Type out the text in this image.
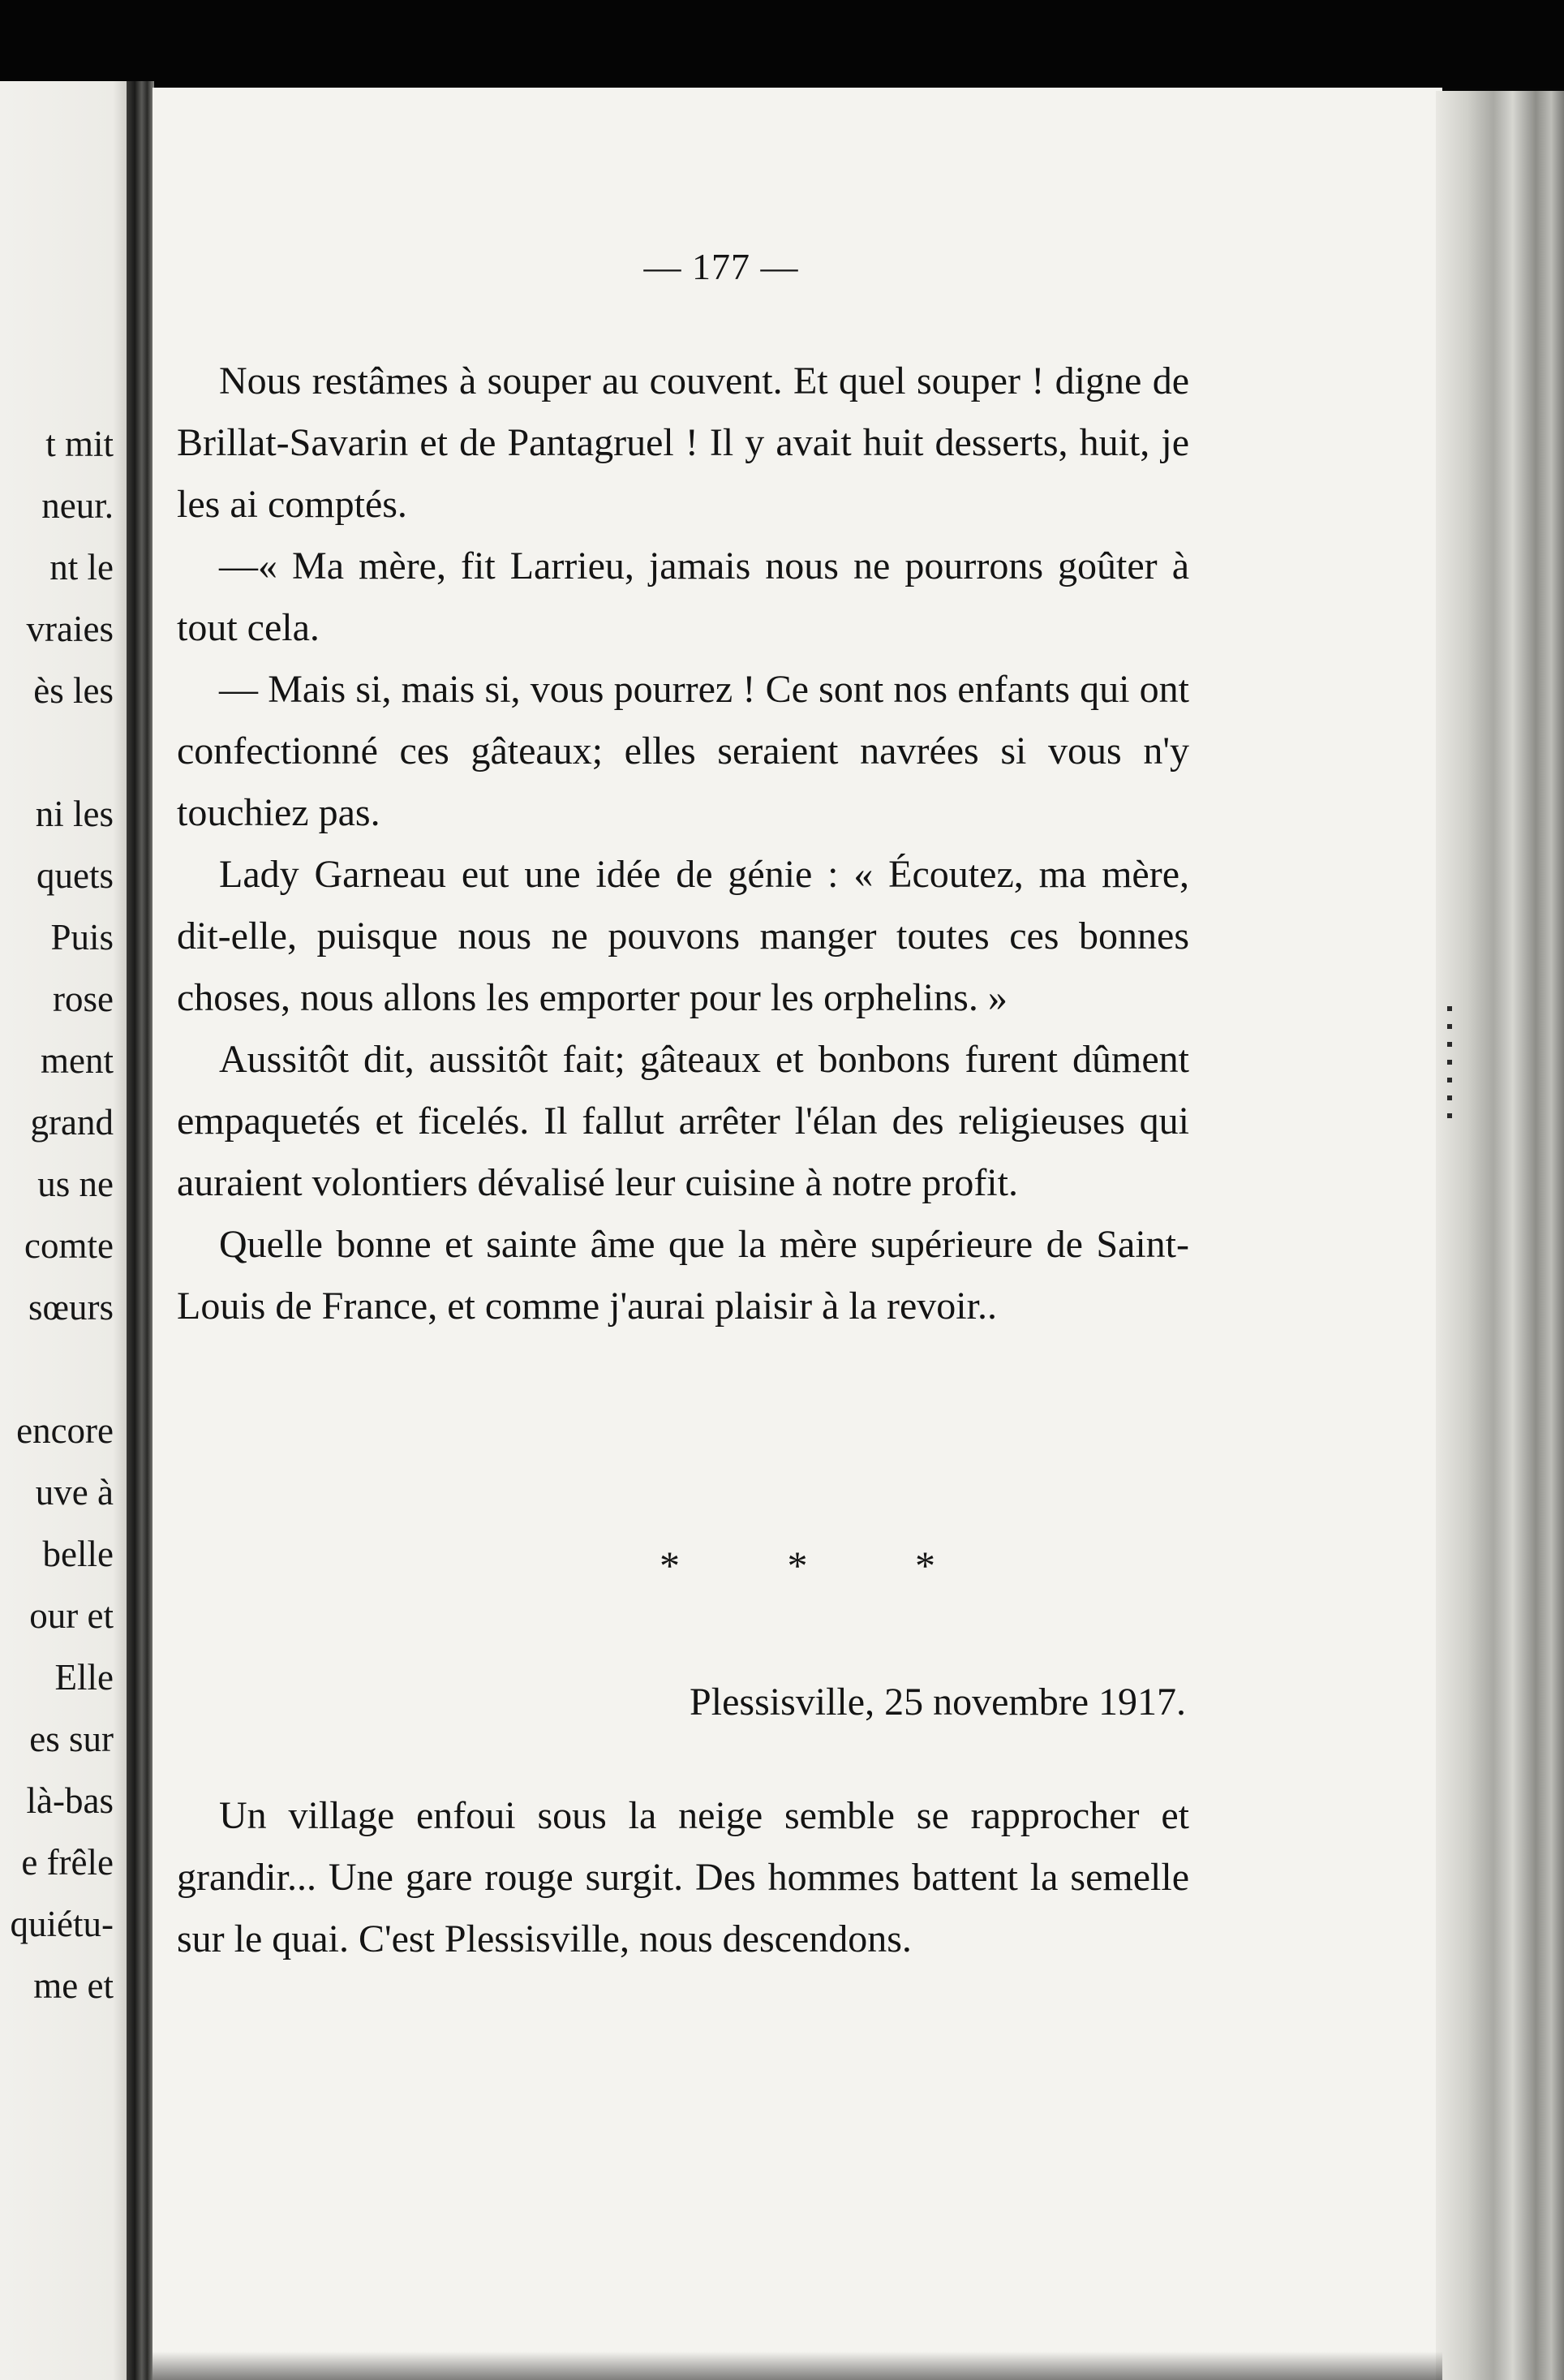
t mit
neur.
nt le
vraies
ès les
ni les
quets
Puis
rose
ment
grand
us ne
comte
sœurs
encore
uve à
belle
our et
Elle
es sur
là-bas
e frêle
quiétu-
me et
— 177 —

Nous restâmes à souper au couvent. Et quel souper ! digne de Brillat-Savarin et de Pantagruel ! Il y avait huit desserts, huit, je les ai comptés.

—« Ma mère, fit Larrieu, jamais nous ne pourrons goûter à tout cela.

— Mais si, mais si, vous pourrez ! Ce sont nos enfants qui ont confectionné ces gâteaux; elles seraient navrées si vous n'y touchiez pas.

Lady Garneau eut une idée de génie : « Écoutez, ma mère, dit-elle, puisque nous ne pouvons manger toutes ces bonnes choses, nous allons les emporter pour les orphelins. »

Aussitôt dit, aussitôt fait; gâteaux et bonbons furent dûment empaquetés et ficelés. Il fallut arrêter l'élan des religieuses qui auraient volontiers dévalisé leur cuisine à notre profit.

Quelle bonne et sainte âme que la mère supérieure de Saint-Louis de France, et comme j'aurai plaisir à la revoir..

* * *
Plessisville, 25 novembre 1917.

Un village enfoui sous la neige semble se rapprocher et grandir... Une gare rouge surgit. Des hommes battent la semelle sur le quai. C'est Plessisville, nous descendons.
